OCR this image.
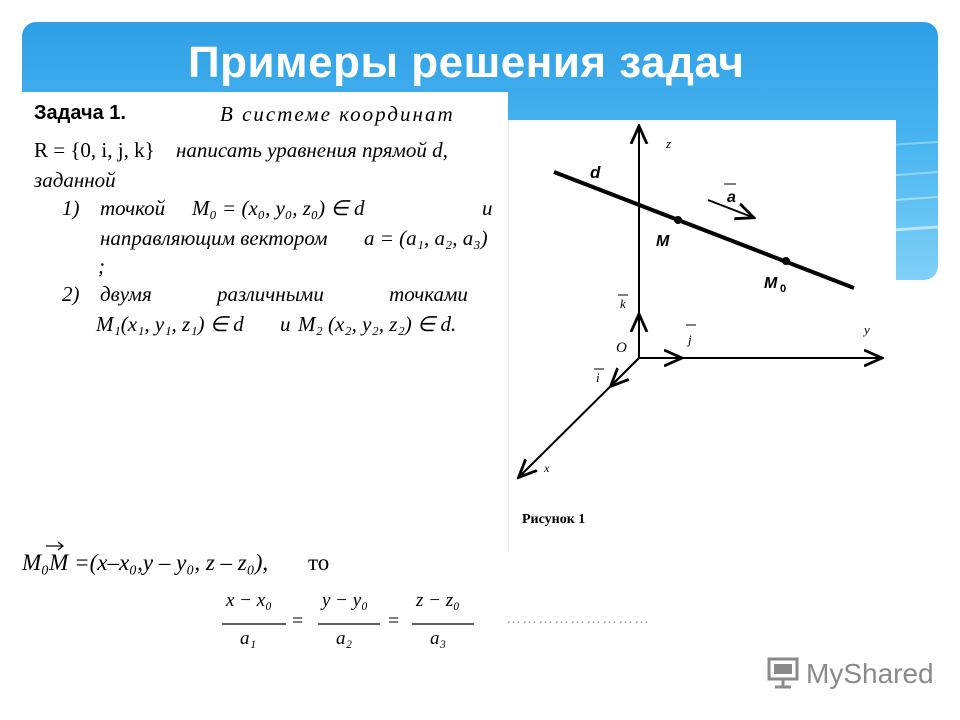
Примеры решения задач
Задача 1.	В системе координат
R = {0, i, j, k} написать уравнения прямой d,
заданной
1) точкой M₀ = (x₀, y₀, z₀) ∈ d	и
направляющим вектором a = (a₁, a₂, a₃)
;
2) двумя различными точками
M₁(x₁, y₁, z₁) ∈ d и M₂ (x₂, y₂, z₂) ∈ d.
z
y
x
O
d
a
M
M 0
k
j
i
Рисунок 1
M₀M =(x–x₀,y – y₀, z – z₀), то
x − x₀
a₁
=
y − y₀
a₂
=
z − z₀
a₃
………………………
MyShared
